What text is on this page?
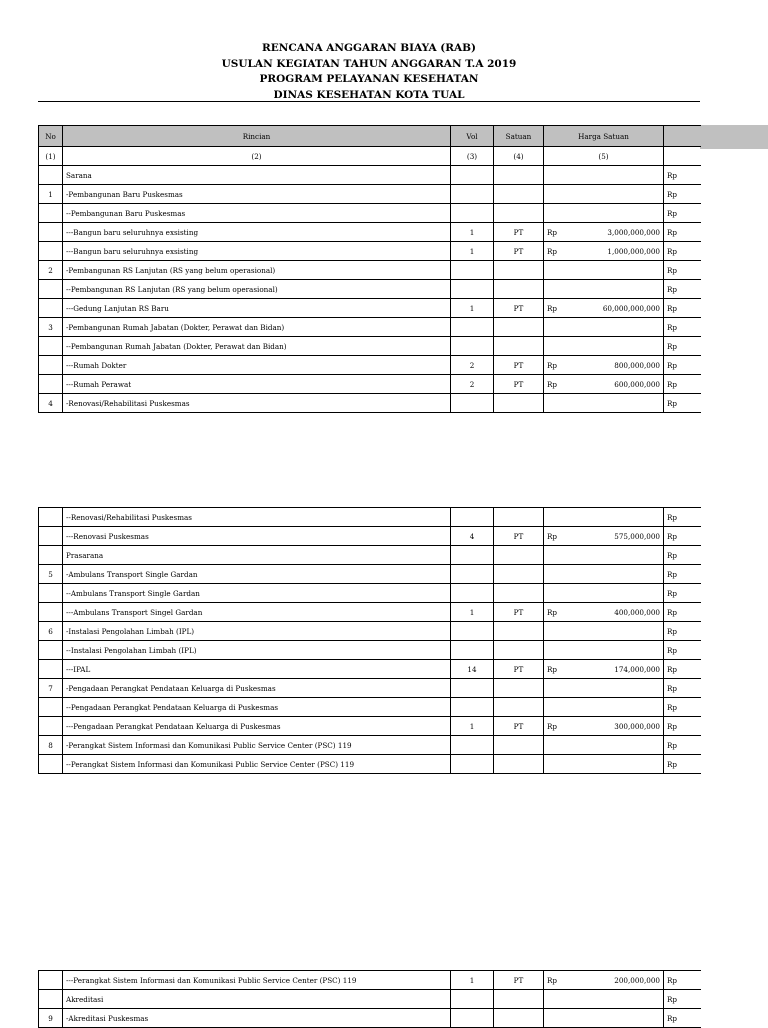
RENCANA ANGGARAN BIAYA (RAB)
USULAN KEGIATAN TAHUN ANGGARAN T.A 2019
PROGRAM PELAYANAN KESEHATAN
DINAS KESEHATAN KOTA TUAL
No	Rincian	Vol	Satuan	Harga Satuan		
(1)	(2)	(3)	(4)	(5)		
	Sarana					Rp
1	-Pembangunan Baru Puskesmas					Rp
	--Pembangunan Baru Puskesmas					Rp
	---Bangun baru seluruhnya exsisting	1	PT	Rp	3,000,000,000	Rp
	---Bangun baru seluruhnya exsisting	1	PT	Rp	1,000,000,000	Rp
2	-Pembangunan RS Lanjutan (RS yang belum operasional)					Rp
	--Pembangunan RS Lanjutan (RS yang belum operasional)					Rp
	---Gedung Lanjutan RS Baru	1	PT	Rp	60,000,000,000	Rp
3	-Pembangunan Rumah Jabatan (Dokter, Perawat dan Bidan)					Rp
	--Pembangunan Rumah Jabatan (Dokter, Perawat dan Bidan)					Rp
	---Rumah Dokter	2	PT	Rp	800,000,000	Rp
	---Rumah Perawat	2	PT	Rp	600,000,000	Rp
4	-Renovasi/Rehabilitasi Puskesmas					Rp
	--Renovasi/Rehabilitasi Puskesmas					Rp
	---Renovasi Puskesmas	4	PT	Rp	575,000,000	Rp
	Prasarana					Rp
5	-Ambulans Transport Single Gardan					Rp
	--Ambulans Transport Single Gardan					Rp
	---Ambulans Transport Singel Gardan	1	PT	Rp	400,000,000	Rp
6	-Instalasi Pengolahan Limbah (IPL)					Rp
	--Instalasi Pengolahan Limbah (IPL)					Rp
	---IPAL	14	PT	Rp	174,000,000	Rp
7	-Pengadaan Perangkat Pendataan Keluarga di Puskesmas					Rp
	--Pengadaan Perangkat Pendataan Keluarga di Puskesmas					Rp
	---Pengadaan Perangkat Pendataan Keluarga di Puskesmas	1	PT	Rp	300,000,000	Rp
8	-Perangkat Sistem Informasi dan Komunikasi Public Service Center (PSC) 119					Rp
	--Perangkat Sistem Informasi dan Komunikasi Public Service Center (PSC) 119					Rp
	---Perangkat Sistem Informasi dan Komunikasi Public Service Center (PSC) 119	1	PT	Rp	200,000,000	Rp
	Akreditasi					Rp
9	-Akreditasi Puskesmas					Rp
